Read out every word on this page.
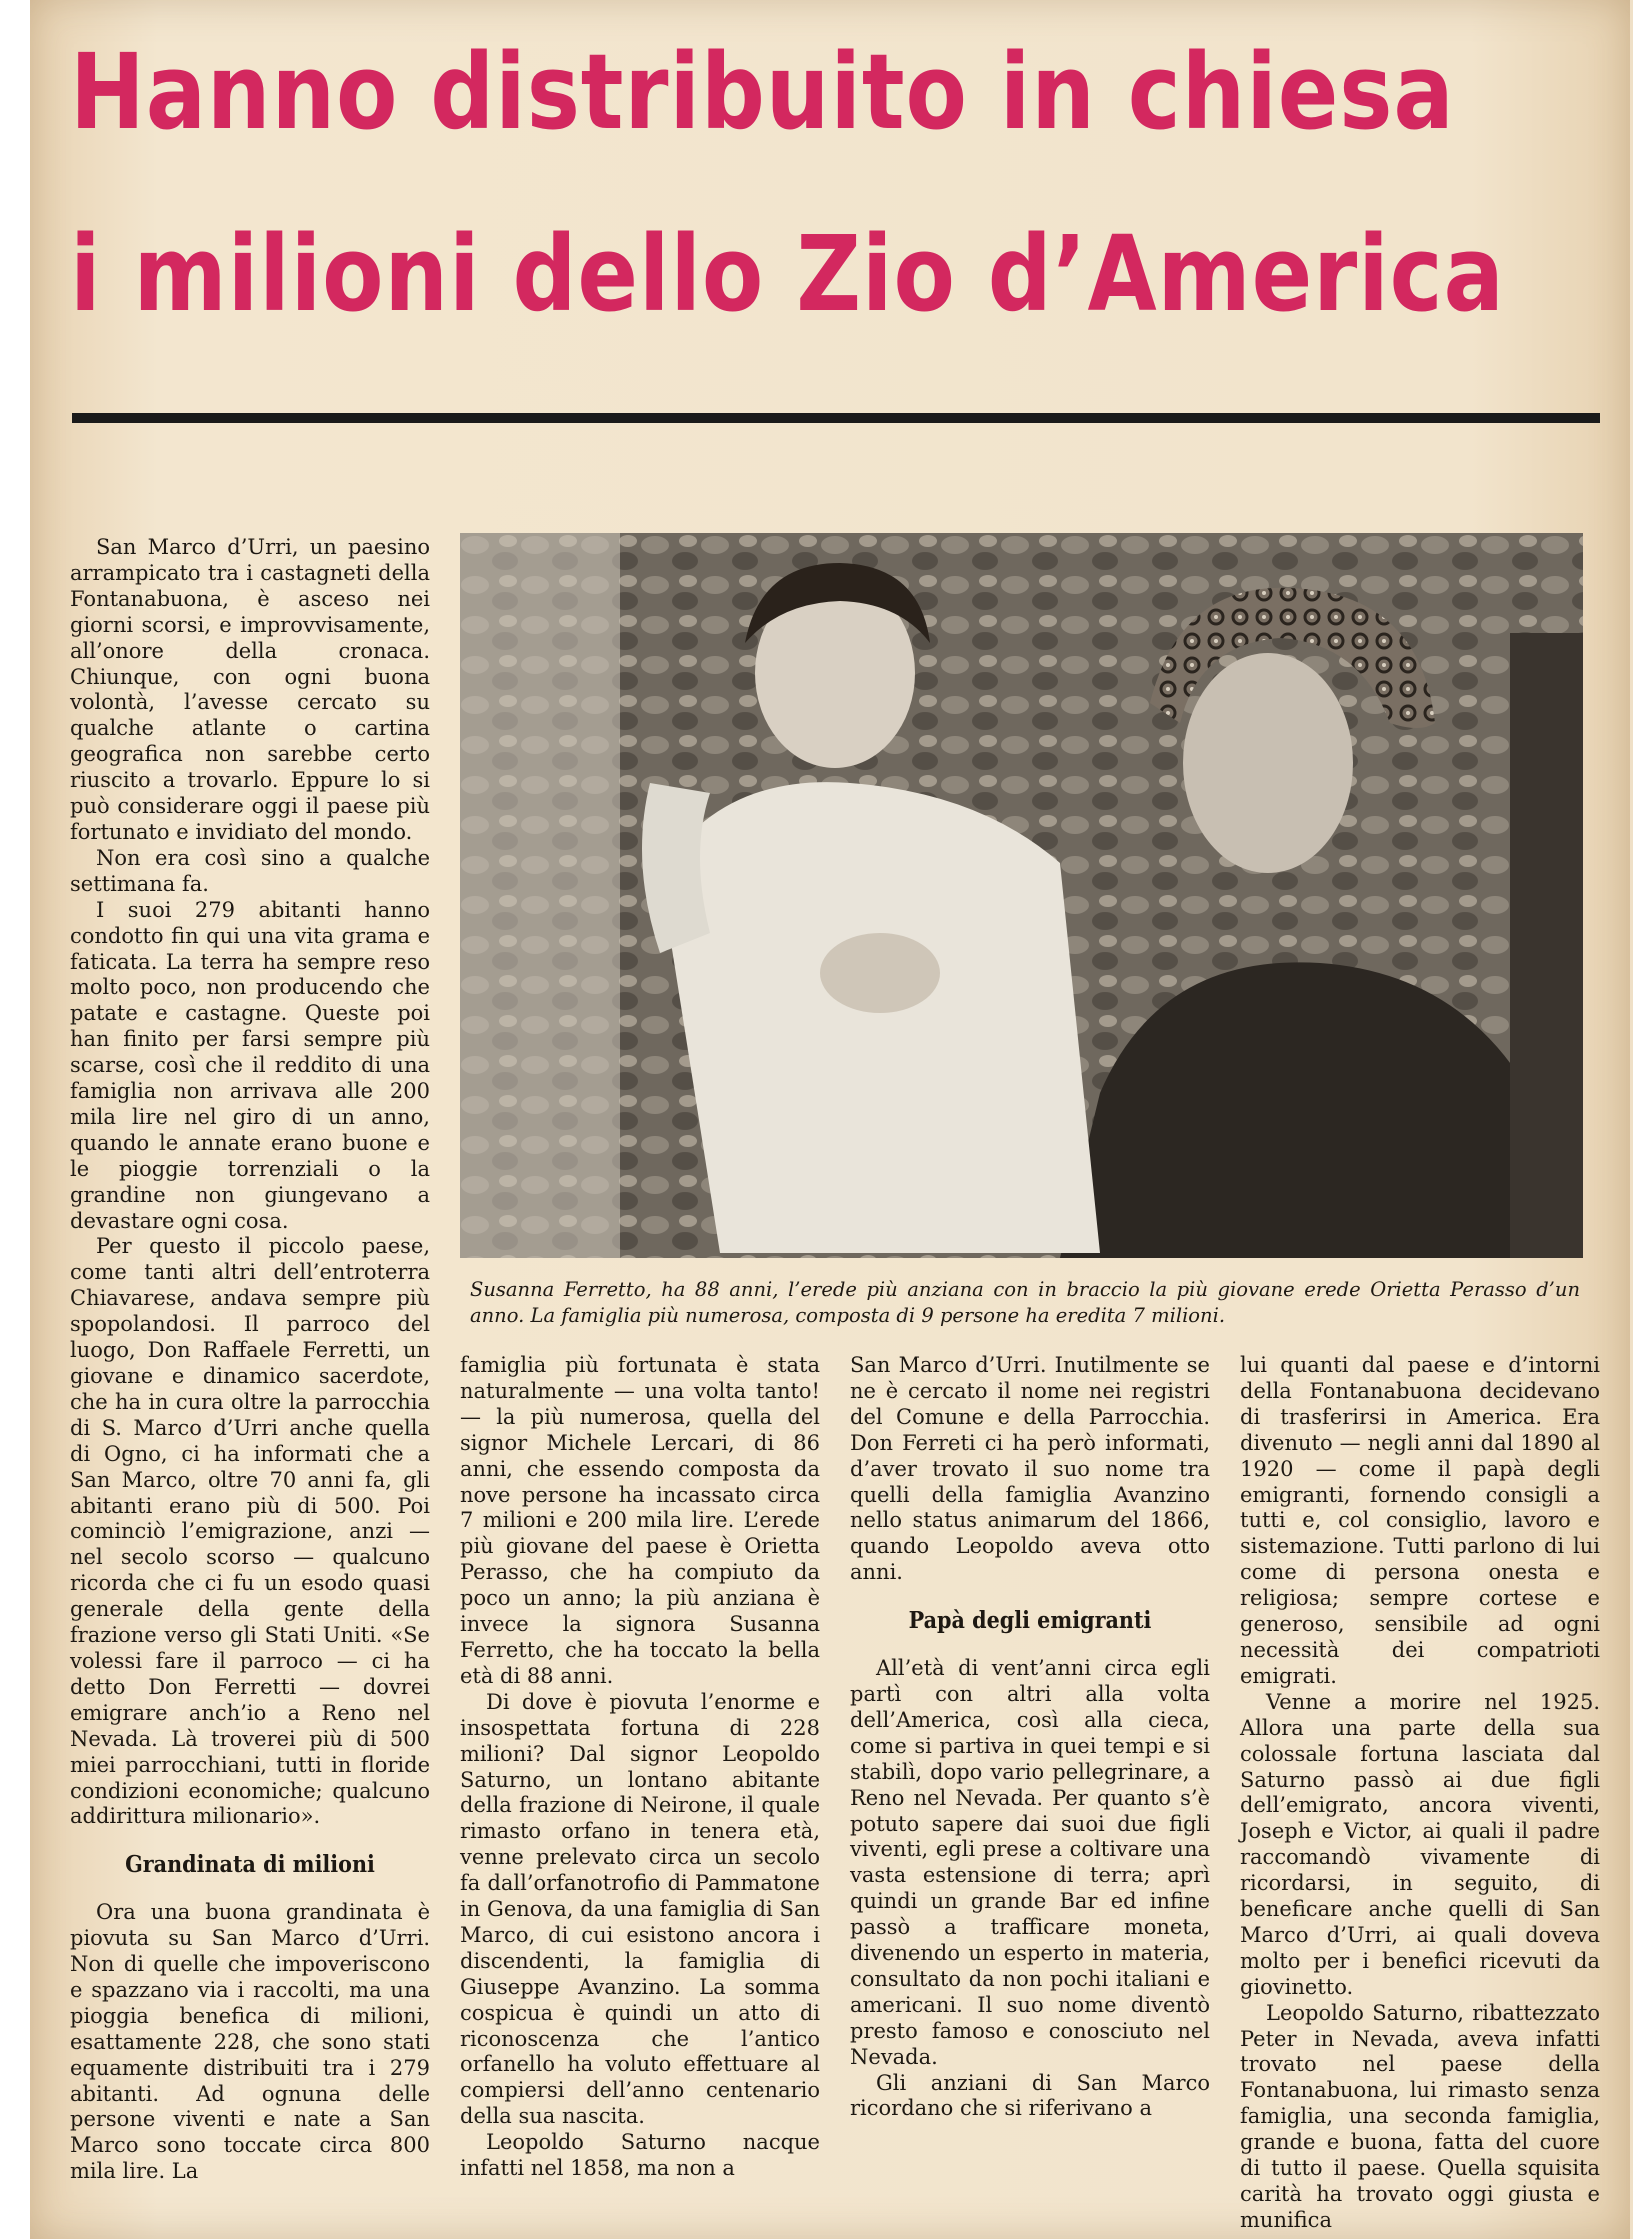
Hanno distribuito in chiesa
i milioni dello Zio d’America
Susanna Ferretto, ha 88 anni, l’erede più anziana con in braccio la più giovane erede Orietta Perasso d’un anno. La famiglia più numerosa, composta di 9 persone ha eredita 7 milioni.

San Marco d’Urri, un paesino arrampicato tra i castagneti della Fontanabuona, è asceso nei giorni scorsi, e improvvisamente, all’onore della cronaca. Chiunque, con ogni buona volontà, l’avesse cercato su qualche atlante o cartina geografica non sarebbe certo riuscito a trovarlo. Eppure lo si può considerare oggi il paese più fortunato e invidiato del mondo.

Non era così sino a qualche settimana fa.

I suoi 279 abitanti hanno condotto fin qui una vita grama e faticata. La terra ha sempre reso molto poco, non producendo che patate e castagne. Queste poi han finito per farsi sempre più scarse, così che il reddito di una famiglia non arrivava alle 200 mila lire nel giro di un anno, quando le annate erano buone e le pioggie torrenziali o la grandine non giungevano a devastare ogni cosa.

Per questo il piccolo paese, come tanti altri dell’entroterra Chiavarese, andava sempre più spopolandosi. Il parroco del luogo, Don Raffaele Ferretti, un giovane e dinamico sacerdote, che ha in cura oltre la parrocchia di S. Marco d’Urri anche quella di Ogno, ci ha informati che a San Marco, oltre 70 anni fa, gli abitanti erano più di 500. Poi cominciò l’emigrazione, anzi — nel secolo scorso — qualcuno ricorda che ci fu un esodo quasi generale della gente della frazione verso gli Stati Uniti. «Se volessi fare il parroco — ci ha detto Don Ferretti — dovrei emigrare anch’io a Reno nel Nevada. Là troverei più di 500 miei parrocchiani, tutti in floride condizioni economiche; qualcuno addirittura milionario».

Grandinata di milioni

Ora una buona grandinata è piovuta su San Marco d’Urri. Non di quelle che impoveriscono e spazzano via i raccolti, ma una pioggia benefica di milioni, esattamente 228, che sono stati equamente distribuiti tra i 279 abitanti. Ad ognuna delle persone viventi e nate a San Marco sono toccate circa 800 mila lire. La

famiglia più fortunata è stata naturalmente — una volta tanto! — la più numerosa, quella del signor Michele Lercari, di 86 anni, che essendo composta da nove persone ha incassato circa 7 milioni e 200 mila lire. L’erede più giovane del paese è Orietta Perasso, che ha compiuto da poco un anno; la più anziana è invece la signora Susanna Ferretto, che ha toccato la bella età di 88 anni.

Di dove è piovuta l’enorme e insospettata fortuna di 228 milioni? Dal signor Leopoldo Saturno, un lontano abitante della frazione di Neirone, il quale rimasto orfano in tenera età, venne prelevato circa un secolo fa dall’orfanotrofio di Pammatone in Genova, da una famiglia di San Marco, di cui esistono ancora i discendenti, la famiglia di Giuseppe Avanzino. La somma cospicua è quindi un atto di riconoscenza che l’antico orfanello ha voluto effettuare al compiersi dell’anno centenario della sua nascita.

Leopoldo Saturno nacque infatti nel 1858, ma non a

San Marco d’Urri. Inutilmente se ne è cercato il nome nei registri del Comune e della Parrocchia. Don Ferreti ci ha però informati, d’aver trovato il suo nome tra quelli della famiglia Avanzino nello status animarum del 1866, quando Leopoldo aveva otto anni.

Papà degli emigranti

All’età di vent’anni circa egli partì con altri alla volta dell’America, così alla cieca, come si partiva in quei tempi e si stabilì, dopo vario pellegrinare, a Reno nel Nevada. Per quanto s’è potuto sapere dai suoi due figli viventi, egli prese a coltivare una vasta estensione di terra; aprì quindi un grande Bar ed infine passò a trafficare moneta, divenendo un esperto in materia, consultato da non pochi italiani e americani. Il suo nome diventò presto famoso e conosciuto nel Nevada.

Gli anziani di San Marco ricordano che si riferivano a

lui quanti dal paese e d’intorni della Fontanabuona decidevano di trasferirsi in America. Era divenuto — negli anni dal 1890 al 1920 — come il papà degli emigranti, fornendo consigli a tutti e, col consiglio, lavoro e sistemazione. Tutti parlono di lui come di persona onesta e religiosa; sempre cortese e generoso, sensibile ad ogni necessità dei compatrioti emigrati.

Venne a morire nel 1925. Allora una parte della sua colossale fortuna lasciata dal Saturno passò ai due figli dell’emigrato, ancora viventi, Joseph e Victor, ai quali il padre raccomandò vivamente di ricordarsi, in seguito, di beneficare anche quelli di San Marco d’Urri, ai quali doveva molto per i benefici ricevuti da giovinetto.

Leopoldo Saturno, ribattezzato Peter in Nevada, aveva infatti trovato nel paese della Fontanabuona, lui rimasto senza famiglia, una seconda famiglia, grande e buona, fatta del cuore di tutto il paese. Quella squisita carità ha trovato oggi giusta e munifica
